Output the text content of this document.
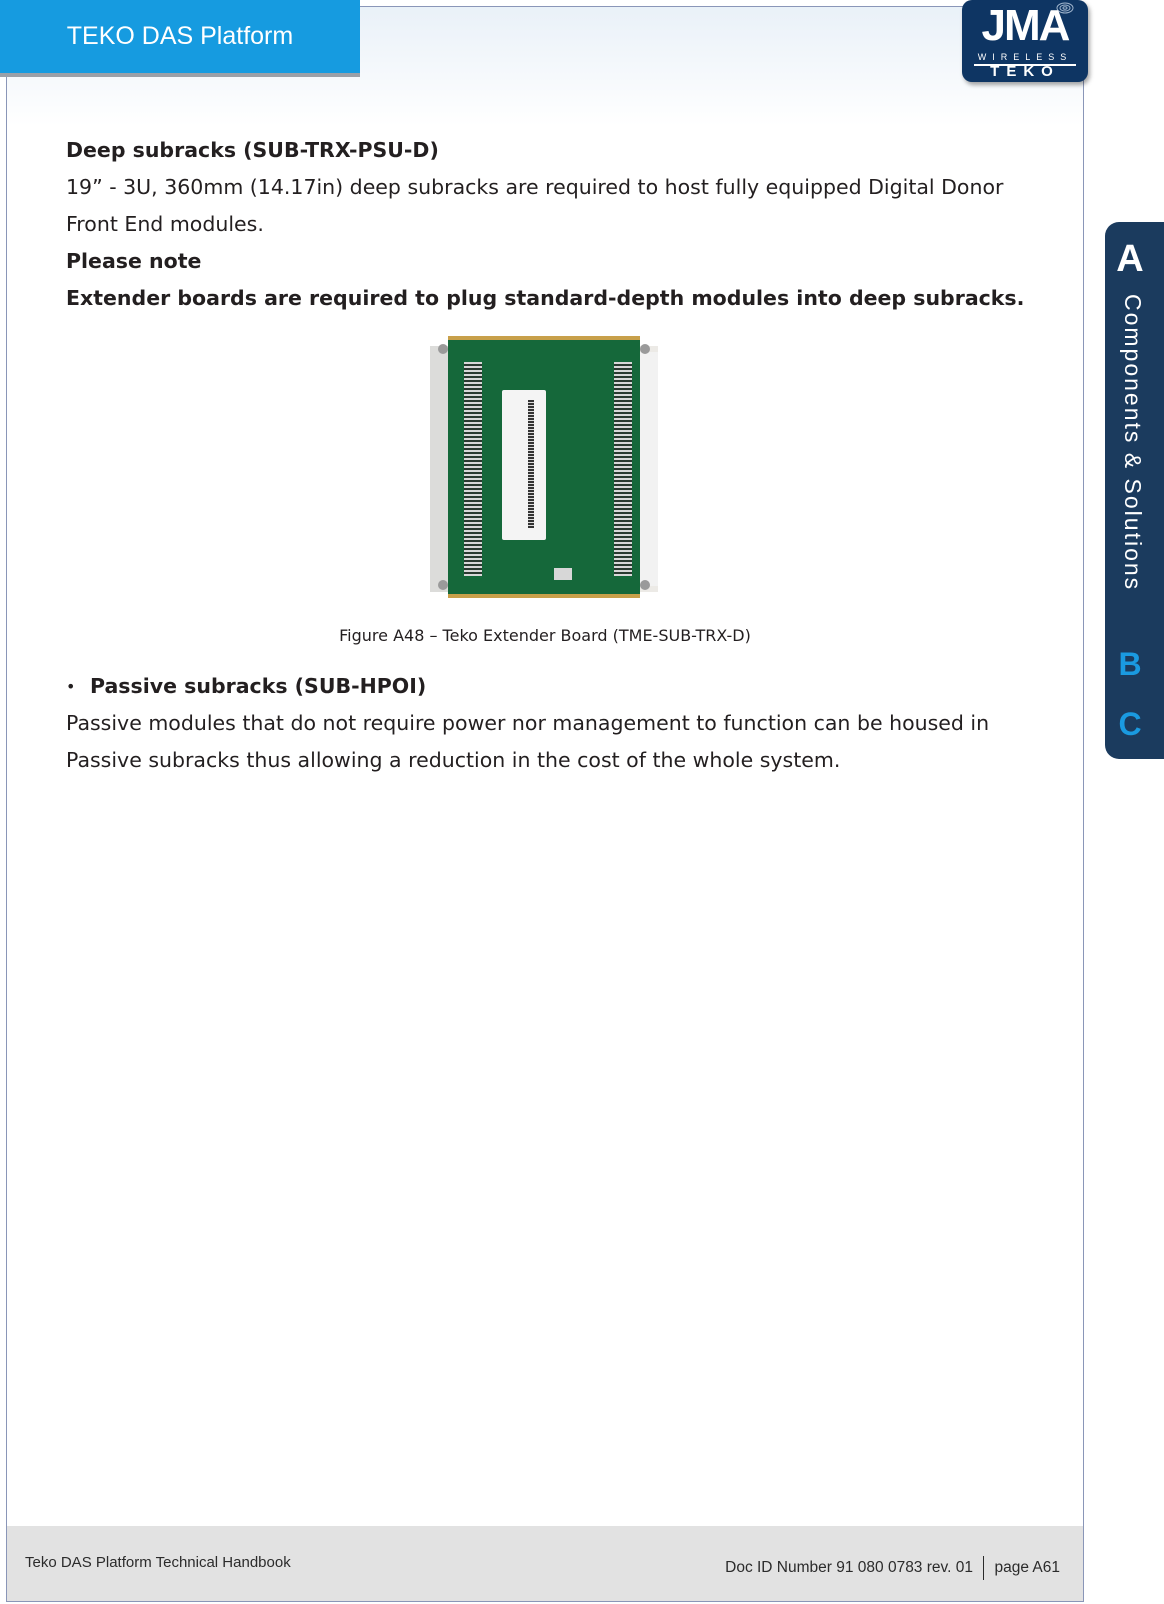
TEKO DAS Platform	JMA
WIRELESS
TEKO
A
Components & Solutions
B
C
Deep subracks (SUB-TRX-PSU-D)
19” - 3U, 360mm (14.17in) deep subracks are required to host fully equipped Digital Donor
Front End modules.
Please note
Extender boards are required to plug standard-depth modules into deep subracks.
Figure A48 – Teko Extender Board (TME-SUB-TRX-D)
• Passive subracks (SUB-HPOI)
Passive modules that do not require power nor management to function can be housed in
Passive subracks thus allowing a reduction in the cost of the whole system.
Teko DAS Platform Technical Handbook	Doc ID Number 91 080 0783 rev. 01 page A61
